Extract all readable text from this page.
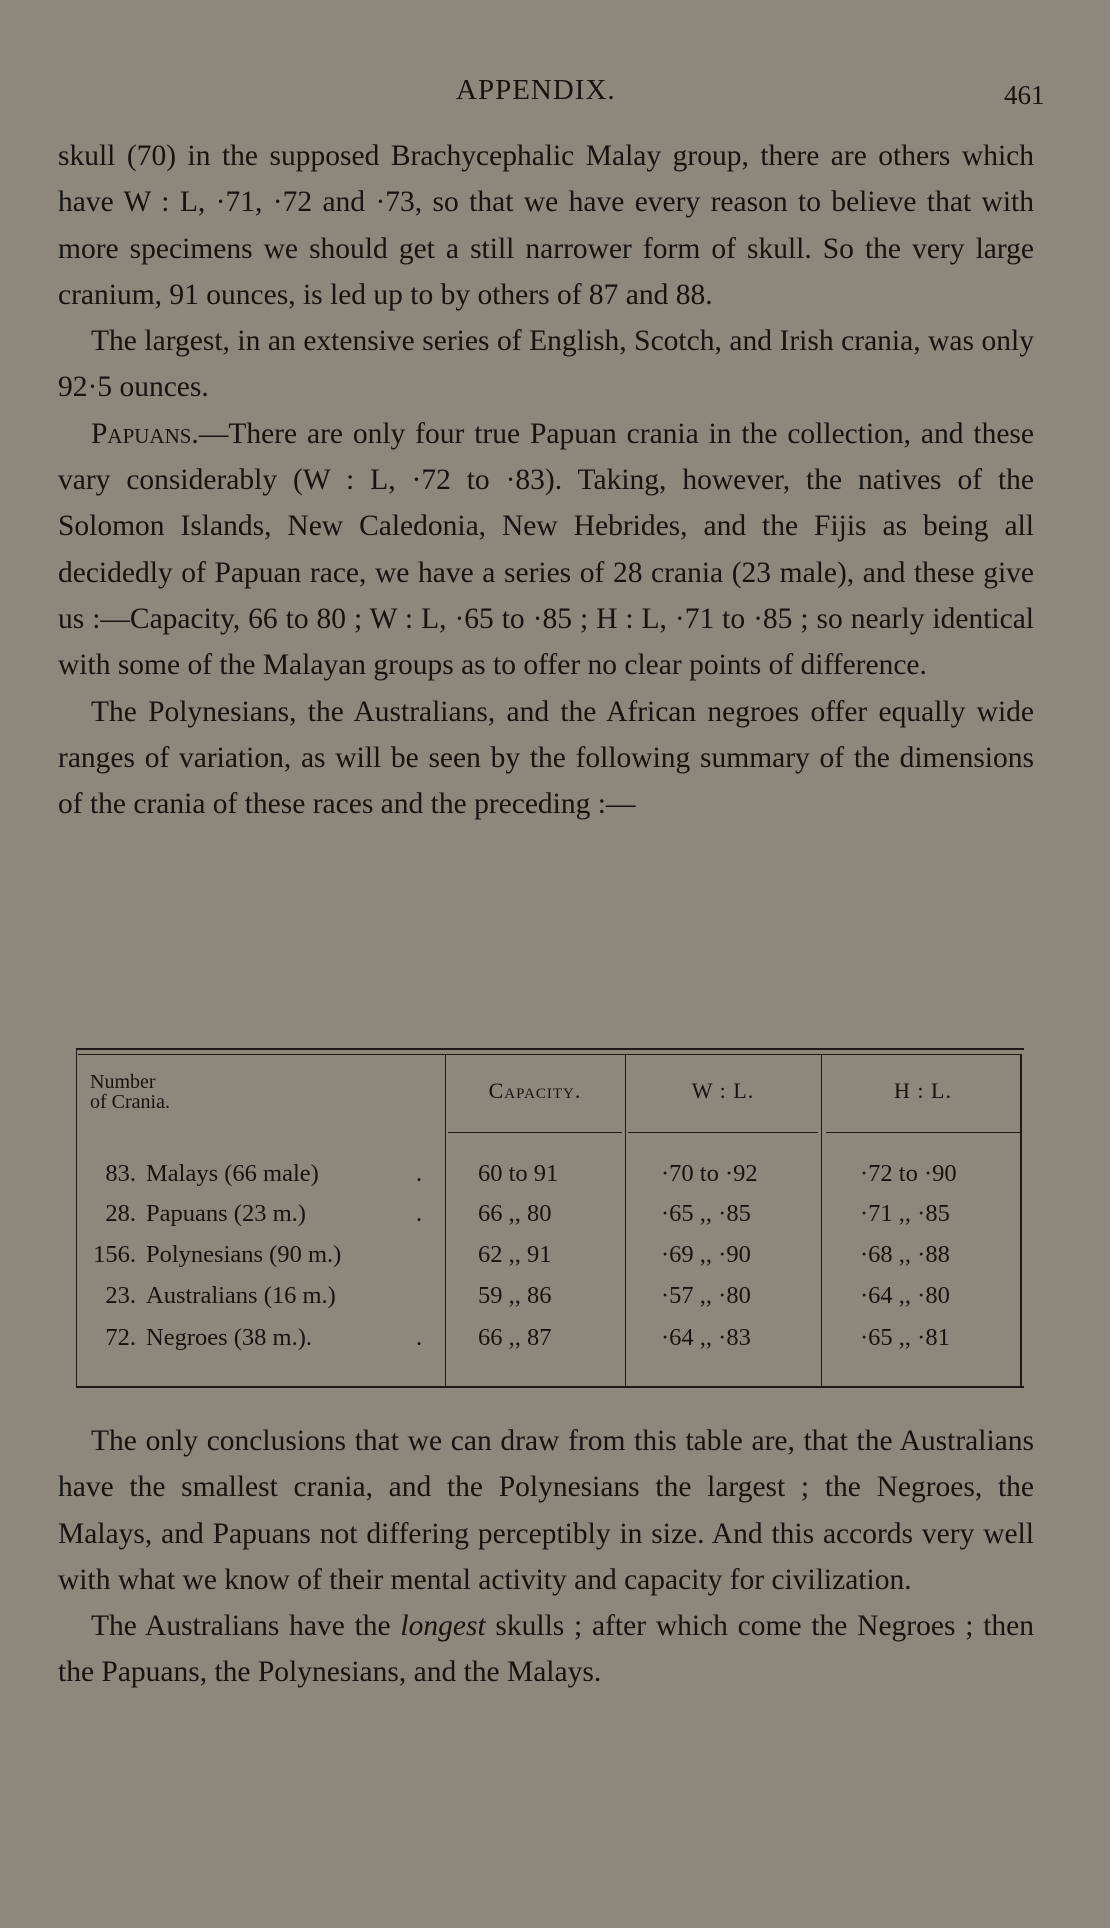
APPENDIX.	461

skull (70) in the supposed Brachycephalic Malay group, there are others which have W : L, ·71, ·72 and ·73, so that we have every reason to believe that with more specimens we should get a still narrower form of skull. So the very large cranium, 91 ounces, is led up to by others of 87 and 88.

The largest, in an extensive series of English, Scotch, and Irish crania, was only 92·5 ounces.

Papuans.—There are only four true Papuan crania in the collection, and these vary considerably (W : L, ·72 to ·83). Taking, however, the natives of the Solomon Islands, New Caledonia, New Hebrides, and the Fijis as being all decidedly of Papuan race, we have a series of 28 crania (23 male), and these give us :—Capacity, 66 to 80 ; W : L, ·65 to ·85 ; H : L, ·71 to ·85 ; so nearly identical with some of the Malayan groups as to offer no clear points of difference.

The Polynesians, the Australians, and the African negroes offer equally wide ranges of variation, as will be seen by the following summary of the dimensions of the crania of these races and the preceding :—

Number
of Crania.	Capacity.	W : L.	H : L.
83. Malays (66 male)	. 60 to 91	·70 to ·92	·72 to ·90
28. Papuans (23 m.)	. 66 ,, 80	·65 ,, ·85	·71 ,, ·85
156. Polynesians (90 m.)	62 ,, 91	·69 ,, ·90	·68 ,, ·88
23. Australians (16 m.)	59 ,, 86	·57 ,, ·80	·64 ,, ·80
72. Negroes (38 m.).	. 66 ,, 87	·64 ,, ·83	·65 ,, ·81

The only conclusions that we can draw from this table are, that the Australians have the smallest crania, and the Polynesians the largest ; the Negroes, the Malays, and Papuans not differing perceptibly in size. And this accords very well with what we know of their mental activity and capacity for civilization.

The Australians have the longest skulls ; after which come the Negroes ; then the Papuans, the Polynesians, and the Malays.
